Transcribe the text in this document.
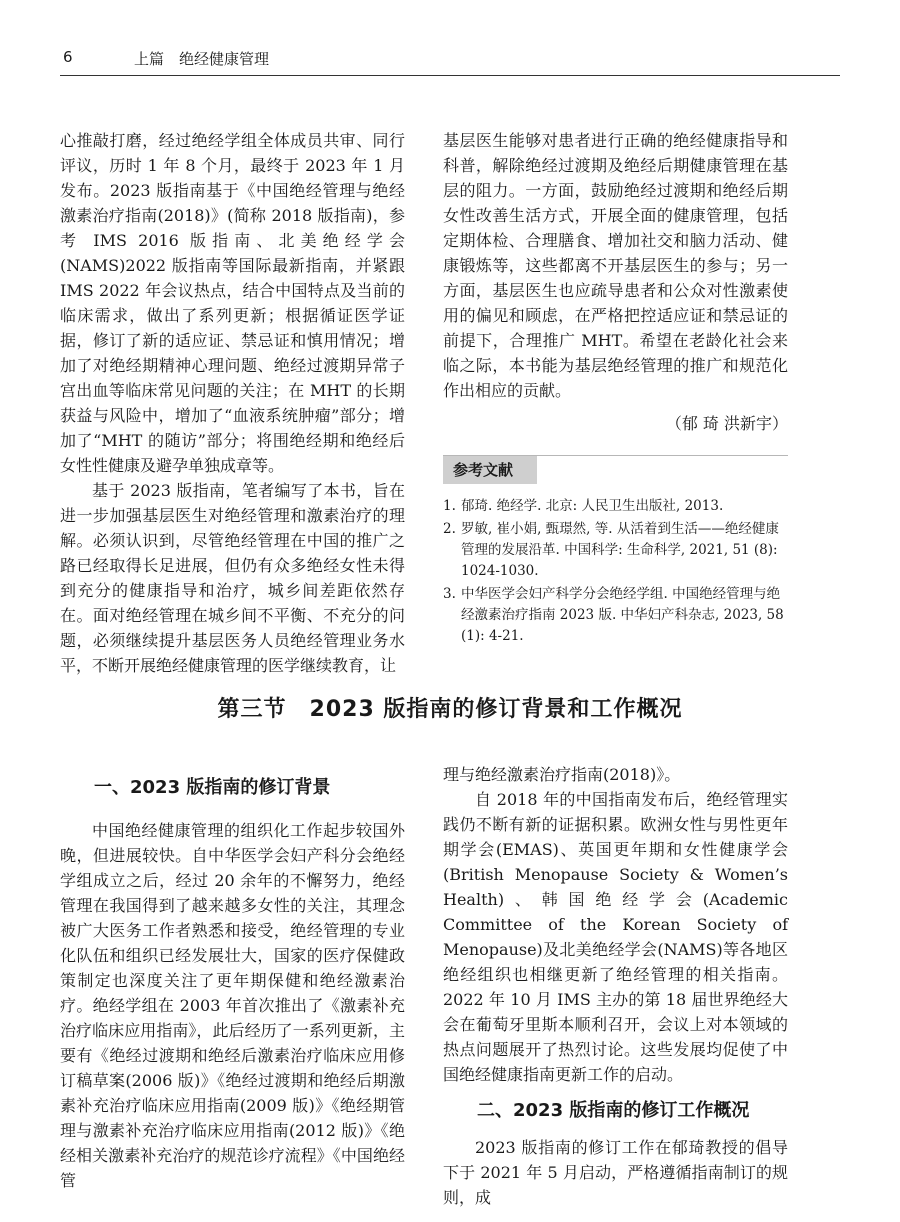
6	上篇　绝经健康管理

心推敲打磨，经过绝经学组全体成员共审、同行评议，历时 1 年 8 个月，最终于 2023 年 1 月发布。2023 版指南基于《中国绝经管理与绝经激素治疗指南(2018)》(简称 2018 版指南)，参考 IMS 2016 版指南、北美绝经学会(NAMS)2022 版指南等国际最新指南，并紧跟 IMS 2022 年会议热点，结合中国特点及当前的临床需求，做出了系列更新；根据循证医学证据，修订了新的适应证、禁忌证和慎用情况；增加了对绝经期精神心理问题、绝经过渡期异常子宫出血等临床常见问题的关注；在 MHT 的长期获益与风险中，增加了“血液系统肿瘤”部分；增加了“MHT 的随访”部分；将围绝经期和绝经后女性性健康及避孕单独成章等。

基于 2023 版指南，笔者编写了本书，旨在进一步加强基层医生对绝经管理和激素治疗的理解。必须认识到，尽管绝经管理在中国的推广之路已经取得长足进展，但仍有众多绝经女性未得到充分的健康指导和治疗，城乡间差距依然存在。面对绝经管理在城乡间不平衡、不充分的问题，必须继续提升基层医务人员绝经管理业务水平，不断开展绝经健康管理的医学继续教育，让

基层医生能够对患者进行正确的绝经健康指导和科普，解除绝经过渡期及绝经后期健康管理在基层的阻力。一方面，鼓励绝经过渡期和绝经后期女性改善生活方式，开展全面的健康管理，包括定期体检、合理膳食、增加社交和脑力活动、健康锻炼等，这些都离不开基层医生的参与；另一方面，基层医生也应疏导患者和公众对性激素使用的偏见和顾虑，在严格把控适应证和禁忌证的前提下，合理推广 MHT。希望在老龄化社会来临之际，本书能为基层绝经管理的推广和规范化作出相应的贡献。

（郁 琦 洪新宇）
参考文献
1. 郁琦. 绝经学. 北京: 人民卫生出版社, 2013.
2. 罗敏, 崔小娟, 甄璟然, 等. 从活着到生活——绝经健康管理的发展沿革. 中国科学: 生命科学, 2021, 51 (8): 1024-1030.
3. 中华医学会妇产科学分会绝经学组. 中国绝经管理与绝经激素治疗指南 2023 版. 中华妇产科杂志, 2023, 58 (1): 4-21.
第三节　2023 版指南的修订背景和工作概况
一、2023 版指南的修订背景

中国绝经健康管理的组织化工作起步较国外晚，但进展较快。自中华医学会妇产科分会绝经学组成立之后，经过 20 余年的不懈努力，绝经管理在我国得到了越来越多女性的关注，其理念被广大医务工作者熟悉和接受，绝经管理的专业化队伍和组织已经发展壮大，国家的医疗保健政策制定也深度关注了更年期保健和绝经激素治疗。绝经学组在 2003 年首次推出了《激素补充治疗临床应用指南》，此后经历了一系列更新，主要有《绝经过渡期和绝经后激素治疗临床应用修订稿草案(2006 版)》《绝经过渡期和绝经后期激素补充治疗临床应用指南(2009 版)》《绝经期管理与激素补充治疗临床应用指南(2012 版)》《绝经相关激素补充治疗的规范诊疗流程》《中国绝经管

理与绝经激素治疗指南(2018)》。

自 2018 年的中国指南发布后，绝经管理实践仍不断有新的证据积累。欧洲女性与男性更年期学会(EMAS)、英国更年期和女性健康学会(British Menopause Society & Women’s Health)、韩国绝经学会(Academic Committee of the Korean Society of Menopause)及北美绝经学会(NAMS)等各地区绝经组织也相继更新了绝经管理的相关指南。2022 年 10 月 IMS 主办的第 18 届世界绝经大会在葡萄牙里斯本顺利召开，会议上对本领域的热点问题展开了热烈讨论。这些发展均促使了中国绝经健康指南更新工作的启动。

二、2023 版指南的修订工作概况

2023 版指南的修订工作在郁琦教授的倡导下于 2021 年 5 月启动，严格遵循指南制订的规则，成
